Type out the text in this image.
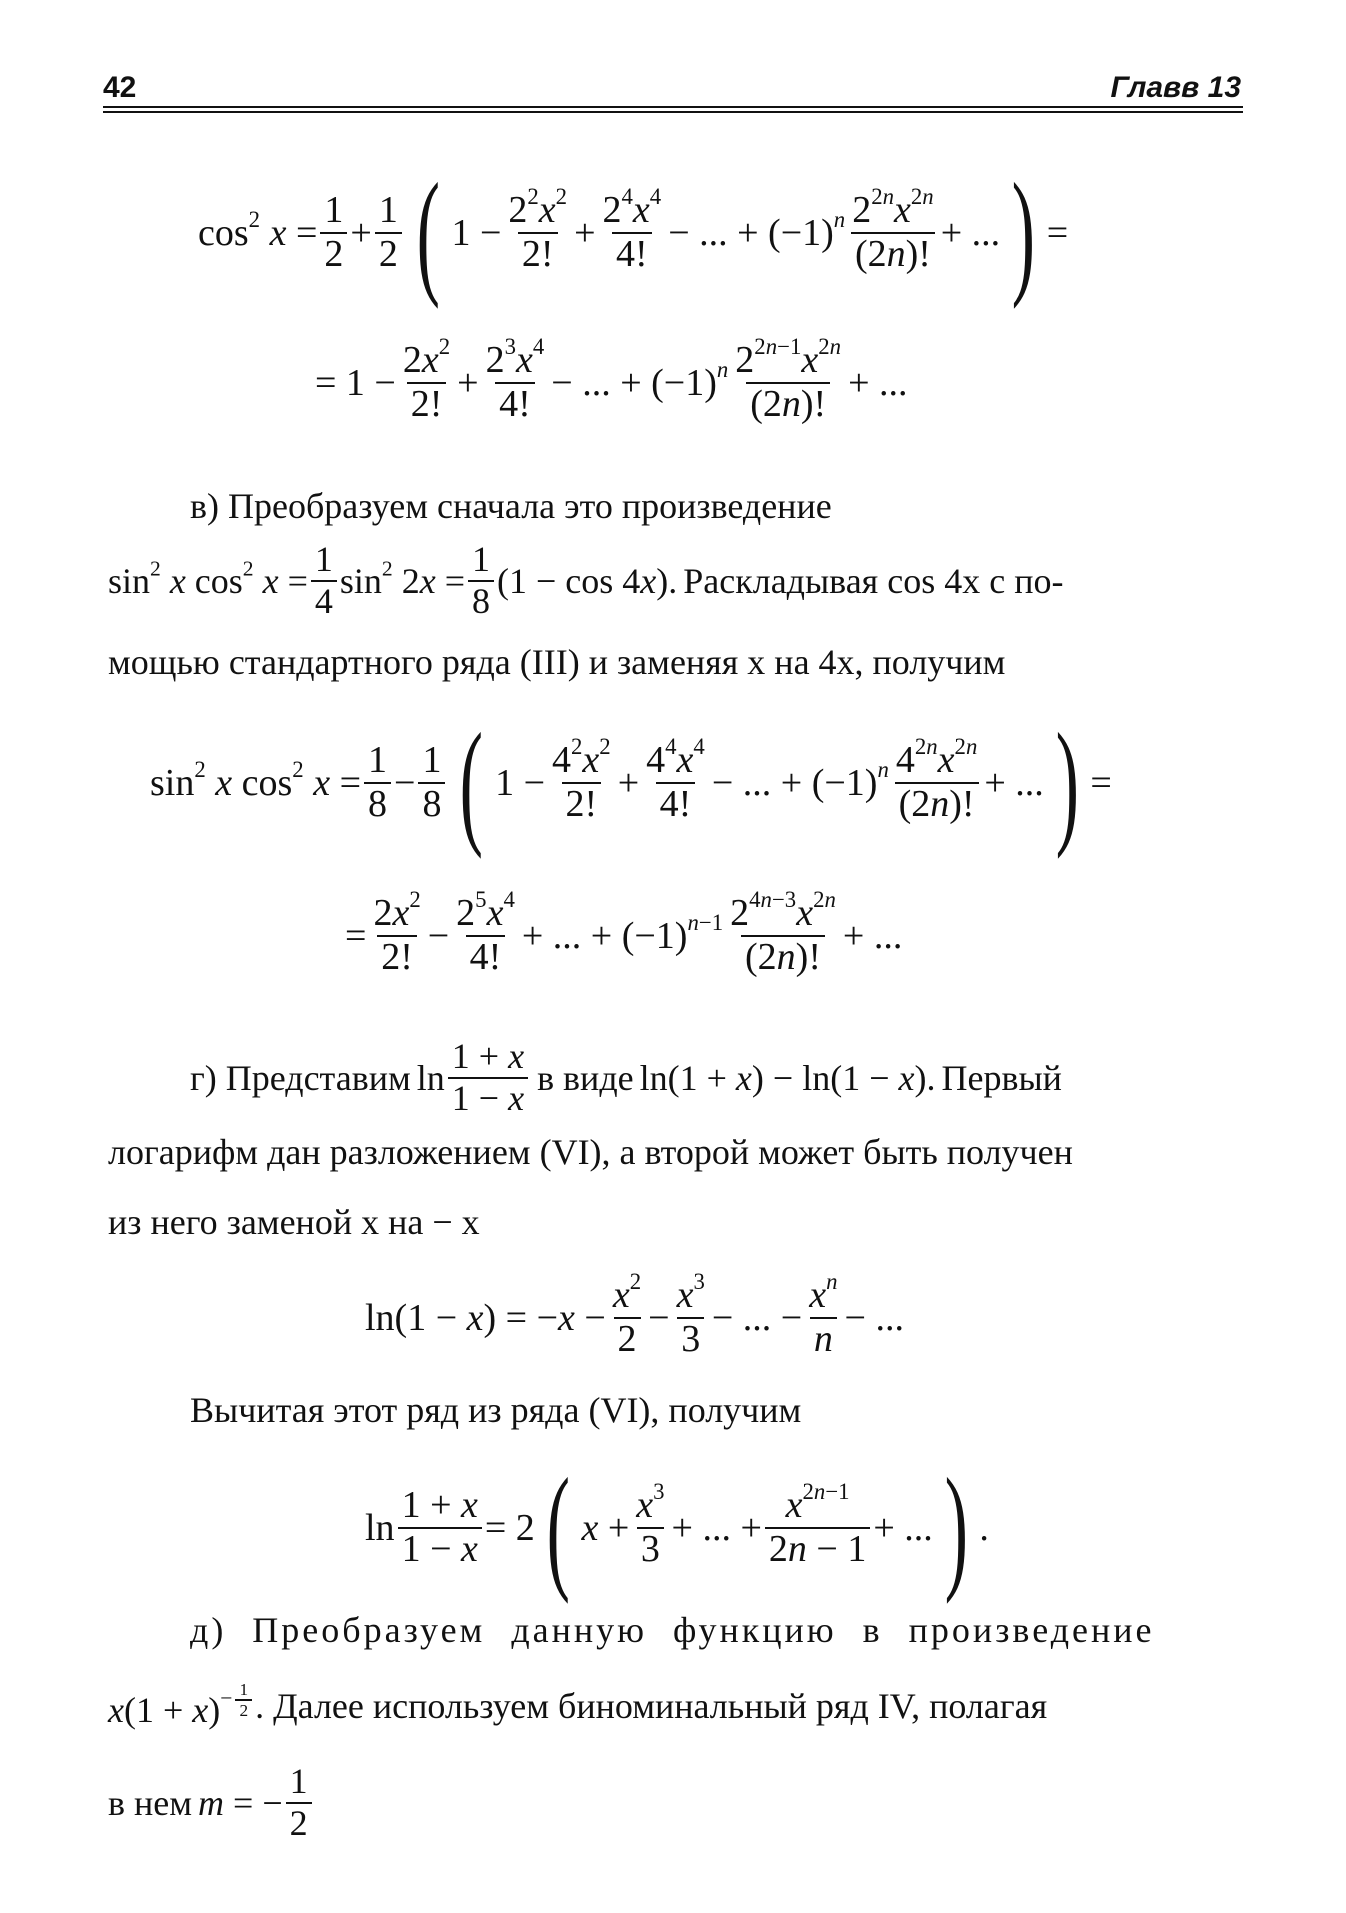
42	Главв 13
$\cos^2 x = \frac{1}{2} + \frac{1}{2}$ ( $1 - \frac{2^2x^2}{2!} + \frac{2^4x^4}{4!}$ − ... + $(-1)^n \frac{2^{2n}x^{2n}}{(2n)!}$ + ... ) =
= $1 - \frac{2x^2}{2!} + \frac{2^3x^4}{4!}$ − ... + $(-1)^n \frac{2^{2n-1}x^{2n}}{(2n)!}$ + ...
в) Преобразуем сначала это произведение
$\sin^2 x$ $\cos^2 x = \frac{1}{4} \sin^2 2x = \frac{1}{8} (1 - \cos 4x)$. Раскладывая cos 4x с по-
мощью стандартного ряда (III) и заменяя x на 4x, получим
$\sin^2 x$ $\cos^2 x = \frac{1}{8} - \frac{1}{8}$ ( $1 - \frac{4^2x^2}{2!} + \frac{4^4x^4}{4!}$ − ... + $(-1)^n \frac{4^{2n}x^{2n}}{(2n)!}$ + ... ) =
= $\frac{2x^2}{2!} - \frac{2^5x^4}{4!}$ + ... + $(-1)^{n-1} \frac{2^{4n-3}x^{2n}}{(2n)!}$ + ...
г) Представим $\ln \frac{1 + x}{1 - x}$ в виде ln(1 + x) − ln(1 − x). Первый
логарифм дан разложением (VI), а второй может быть получен
из него заменой x на − x
$\ln(1 - x) = -x - \frac{x^2}{2} - \frac{x^3}{3}$ − ... − $\frac{x^n}{n}$ − ...
Вычитая этот ряд из ряда (VI), получим
$\ln \frac{1 + x}{1 - x} = 2$ ( $x + \frac{x^3}{3}$ + ... + $\frac{x^{2n-1}}{2n - 1}$ + ... ) .
д) Преобразуем данную функцию в произведение
$x(1 + x)^{- \frac{1}{2}}$ . Далее используем биноминальный ряд IV, полагая
в нем m = − $\frac{1}{2}$
